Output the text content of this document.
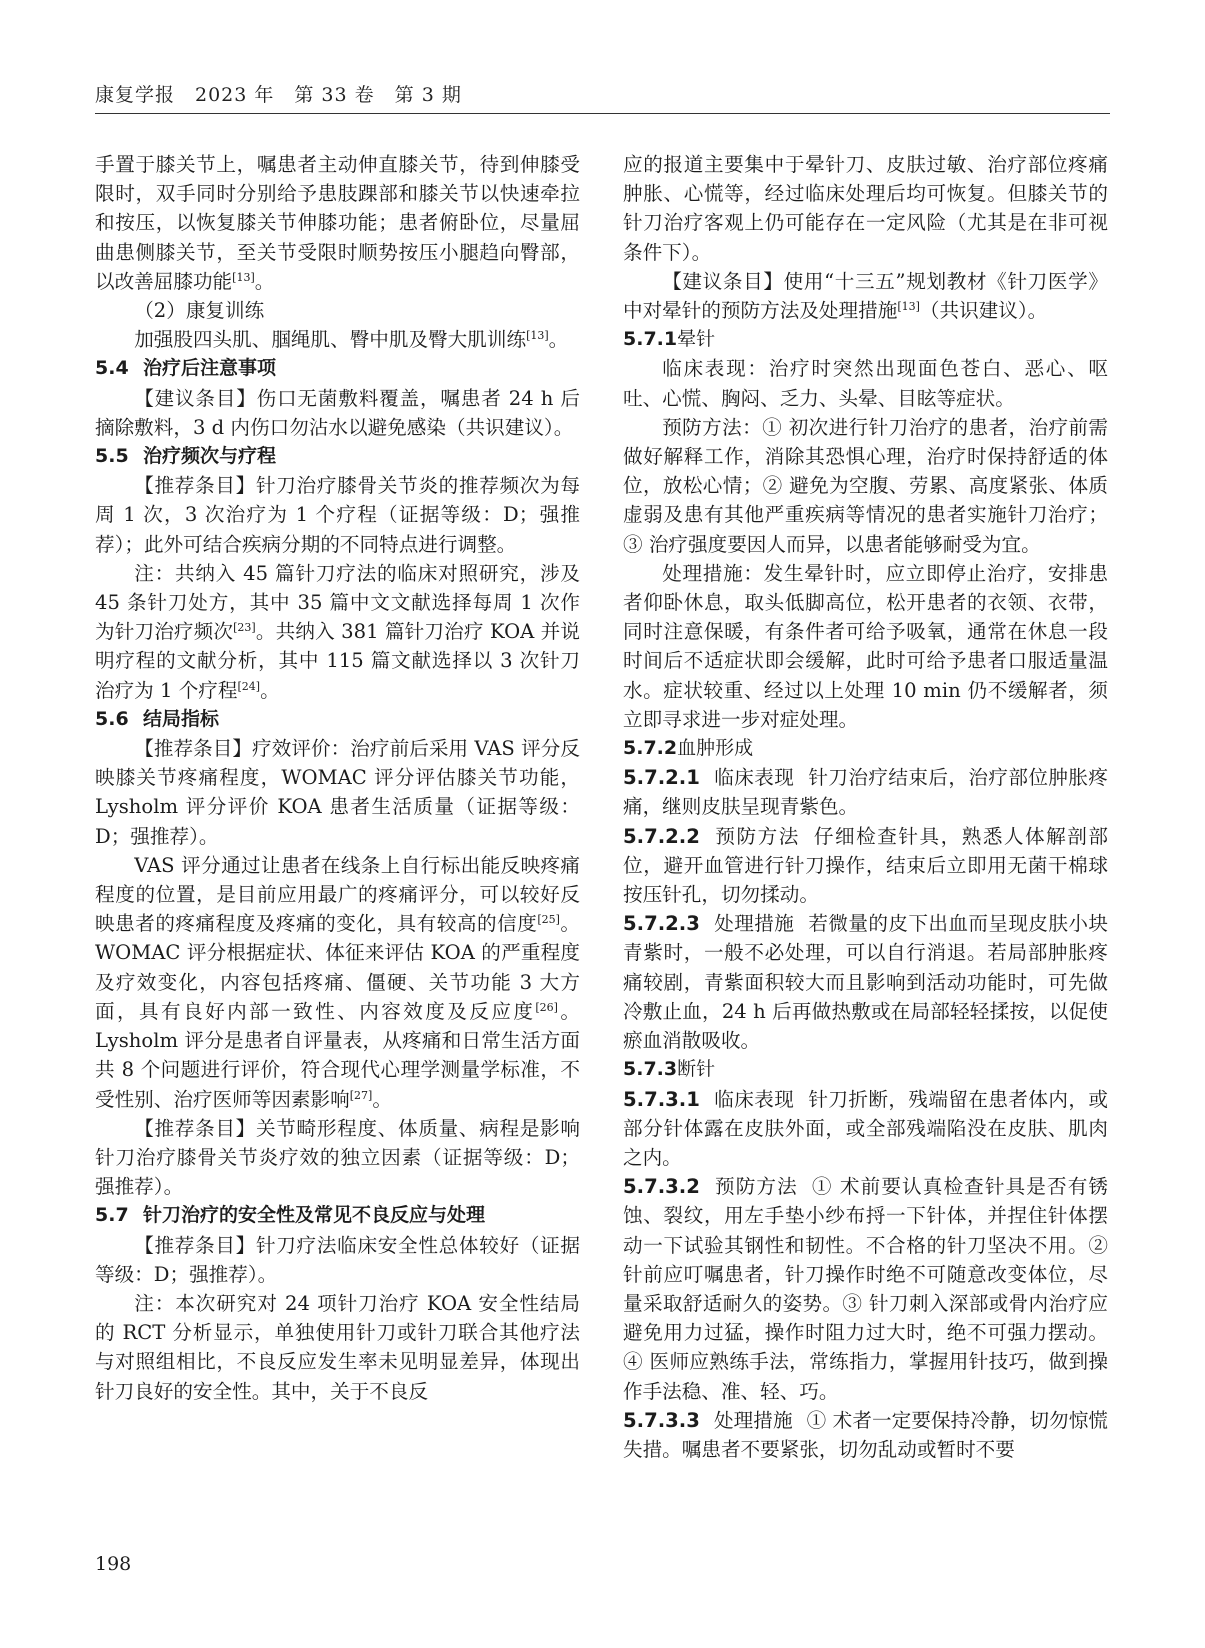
康复学报　2023 年　第 33 卷　第 3 期

手置于膝关节上，嘱患者主动伸直膝关节，待到伸膝受限时，双手同时分别给予患肢踝部和膝关节以快速牵拉和按压，以恢复膝关节伸膝功能；患者俯卧位，尽量屈曲患侧膝关节，至关节受限时顺势按压小腿趋向臀部，以改善屈膝功能[13]。

（2）康复训练

加强股四头肌、腘绳肌、臀中肌及臀大肌训练[13]。

5.4 治疗后注意事项

【建议条目】伤口无菌敷料覆盖，嘱患者 24 h 后摘除敷料，3 d 内伤口勿沾水以避免感染（共识建议）。

5.5 治疗频次与疗程

【推荐条目】针刀治疗膝骨关节炎的推荐频次为每周 1 次，3 次治疗为 1 个疗程（证据等级：D；强推荐）；此外可结合疾病分期的不同特点进行调整。

注：共纳入 45 篇针刀疗法的临床对照研究，涉及 45 条针刀处方，其中 35 篇中文文献选择每周 1 次作为针刀治疗频次[23]。共纳入 381 篇针刀治疗 KOA 并说明疗程的文献分析，其中 115 篇文献选择以 3 次针刀治疗为 1 个疗程[24]。

5.6 结局指标

【推荐条目】疗效评价：治疗前后采用 VAS 评分反映膝关节疼痛程度，WOMAC 评分评估膝关节功能，Lysholm 评分评价 KOA 患者生活质量（证据等级：D；强推荐）。

VAS 评分通过让患者在线条上自行标出能反映疼痛程度的位置，是目前应用最广的疼痛评分，可以较好反映患者的疼痛程度及疼痛的变化，具有较高的信度[25]。WOMAC 评分根据症状、体征来评估 KOA 的严重程度及疗效变化，内容包括疼痛、僵硬、关节功能 3 大方面，具有良好内部一致性、内容效度及反应度[26]。Lysholm 评分是患者自评量表，从疼痛和日常生活方面共 8 个问题进行评价，符合现代心理学测量学标准，不受性别、治疗医师等因素影响[27]。

【推荐条目】关节畸形程度、体质量、病程是影响针刀治疗膝骨关节炎疗效的独立因素（证据等级：D；强推荐）。

5.7 针刀治疗的安全性及常见不良反应与处理

【推荐条目】针刀疗法临床安全性总体较好（证据等级：D；强推荐）。

注：本次研究对 24 项针刀治疗 KOA 安全性结局的 RCT 分析显示，单独使用针刀或针刀联合其他疗法与对照组相比，不良反应发生率未见明显差异，体现出针刀良好的安全性。其中，关于不良反

应的报道主要集中于晕针刀、皮肤过敏、治疗部位疼痛肿胀、心慌等，经过临床处理后均可恢复。但膝关节的针刀治疗客观上仍可能存在一定风险（尤其是在非可视条件下）。

【建议条目】使用“十三五”规划教材《针刀医学》中对晕针的预防方法及处理措施[13]（共识建议）。

5.7.1晕针

临床表现：治疗时突然出现面色苍白、恶心、呕吐、心慌、胸闷、乏力、头晕、目眩等症状。

预防方法：① 初次进行针刀治疗的患者，治疗前需做好解释工作，消除其恐惧心理，治疗时保持舒适的体位，放松心情；② 避免为空腹、劳累、高度紧张、体质虚弱及患有其他严重疾病等情况的患者实施针刀治疗；③ 治疗强度要因人而异，以患者能够耐受为宜。

处理措施：发生晕针时，应立即停止治疗，安排患者仰卧休息，取头低脚高位，松开患者的衣领、衣带，同时注意保暖，有条件者可给予吸氧，通常在休息一段时间后不适症状即会缓解，此时可给予患者口服适量温水。症状较重、经过以上处理 10 min 仍不缓解者，须立即寻求进一步对症处理。

5.7.2血肿形成

5.7.2.1 临床表现 针刀治疗结束后，治疗部位肿胀疼痛，继则皮肤呈现青紫色。

5.7.2.2 预防方法 仔细检查针具，熟悉人体解剖部位，避开血管进行针刀操作，结束后立即用无菌干棉球按压针孔，切勿揉动。

5.7.2.3 处理措施 若微量的皮下出血而呈现皮肤小块青紫时，一般不必处理，可以自行消退。若局部肿胀疼痛较剧，青紫面积较大而且影响到活动功能时，可先做冷敷止血，24 h 后再做热敷或在局部轻轻揉按，以促使瘀血消散吸收。

5.7.3断针

5.7.3.1 临床表现 针刀折断，残端留在患者体内，或部分针体露在皮肤外面，或全部残端陷没在皮肤、肌肉之内。

5.7.3.2 预防方法 ① 术前要认真检查针具是否有锈蚀、裂纹，用左手垫小纱布捋一下针体，并捏住针体摆动一下试验其钢性和韧性。不合格的针刀坚决不用。② 针前应叮嘱患者，针刀操作时绝不可随意改变体位，尽量采取舒适耐久的姿势。③ 针刀刺入深部或骨内治疗应避免用力过猛，操作时阻力过大时，绝不可强力摆动。④ 医师应熟练手法，常练指力，掌握用针技巧，做到操作手法稳、准、轻、巧。

5.7.3.3 处理措施 ① 术者一定要保持冷静，切勿惊慌失措。嘱患者不要紧张，切勿乱动或暂时不要

198
